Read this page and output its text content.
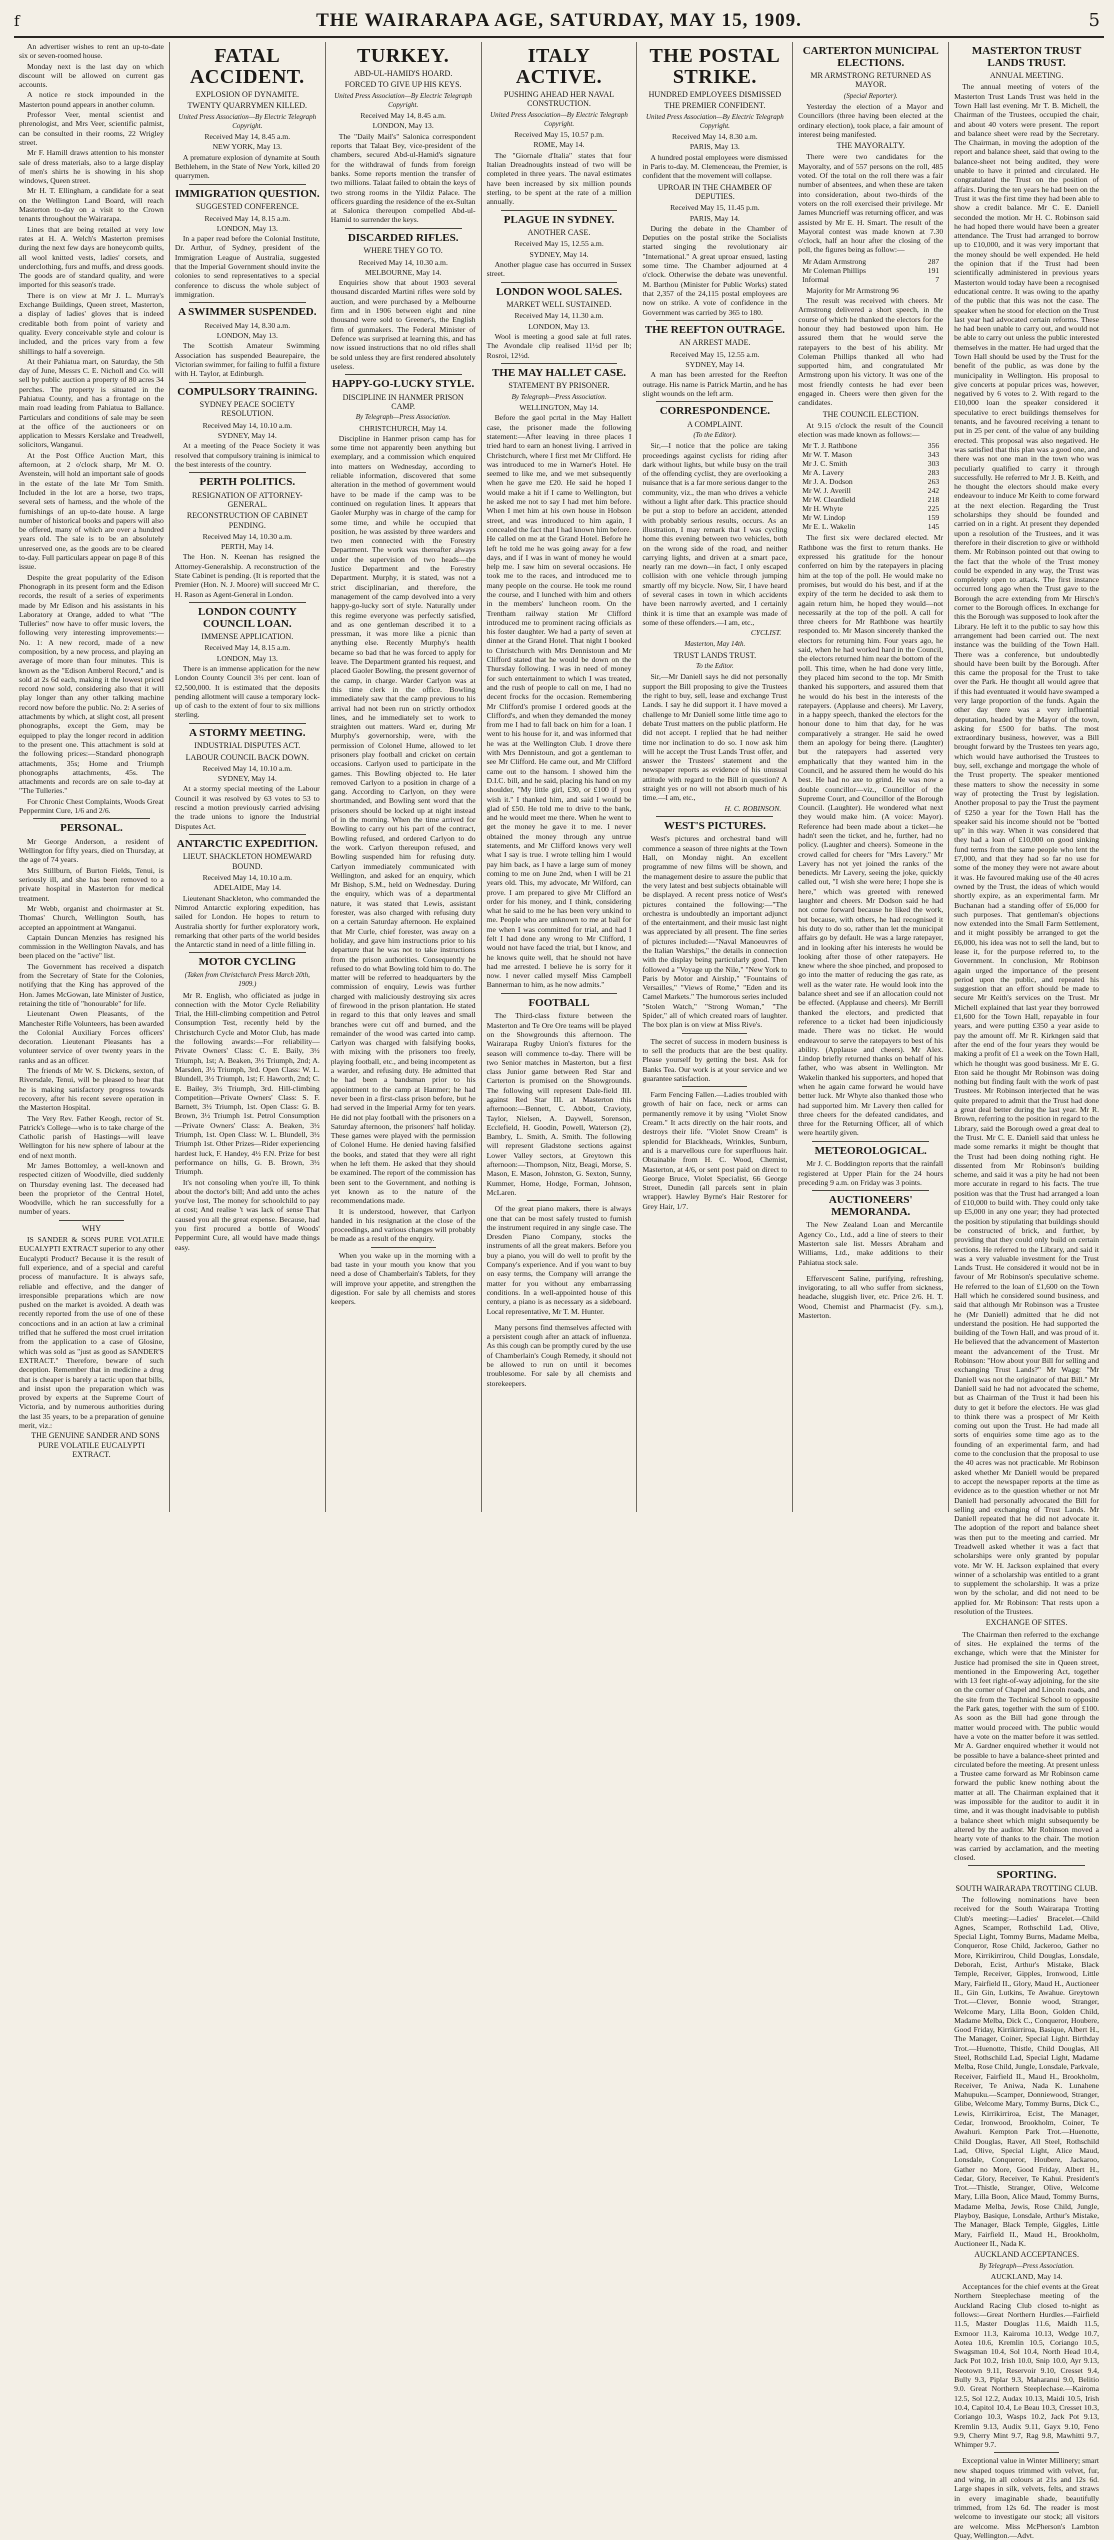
f	THE WAIRARAPA AGE, SATURDAY, MAY 15, 1909.	5

An advertiser wishes to rent an up-to-date six or seven-roomed house.

Monday next is the last day on which discount will be allowed on current gas accounts.

A notice re stock impounded in the Masterton pound appears in another column.

Professor Veer, mental scientist and phrenologist, and Mrs Veer, scientific palmist, can be consulted in their rooms, 22 Wrigley street.

Mr F. Hamill draws attention to his monster sale of dress materials, also to a large display of men's shirts he is showing in his shop windows, Queen street.

Mr H. T. Ellingham, a candidate for a seat on the Wellington Land Board, will reach Masterton to-day on a visit to the Crown tenants throughout the Wairarapa.

Lines that are being retailed at very low rates at H. A. Welch's Masterton premises during the next few days are honeycomb quilts, all wool knitted vests, ladies' corsets, and underclothing, furs and muffs, and dress goods. The goods are of standard quality, and were imported for this season's trade.

There is on view at Mr J. L. Murray's Exchange Buildings, Queen street, Masterton, a display of ladies' gloves that is indeed creditable both from point of variety and quality. Every conceivable style and colour is included, and the prices vary from a few shillings to half a sovereign.

At their Pahiatua mart, on Saturday, the 5th day of June, Messrs C. E. Nicholl and Co. will sell by public auction a property of 80 acres 34 perches. The property is situated in the Pahiatua County, and has a frontage on the main road leading from Pahiatua to Ballance. Particulars and conditions of sale may be seen at the office of the auctioneers or on application to Messrs Kerslake and Treadwell, solicitors, Wanganui.

At the Post Office Auction Mart, this afternoon, at 2 o'clock sharp, Mr M. O. Avenstein, will hold an important sale of goods in the estate of the late Mr Tom Smith. Included in the lot are a horse, two traps, several sets of harness, and the whole of the furnishings of an up-to-date house. A large number of historical books and papers will also be offered, many of which are over a hundred years old. The sale is to be an absolutely unreserved one, as the goods are to be cleared to-day. Full particulars appear on page 8 of this issue.

Despite the great popularity of the Edison Phonograph in its present form and the Edison records, the result of a series of experiments made by Mr Edison and his assistants in his Laboratory at Orange, added to what "The Tulleries" now have to offer music lovers, the following very interesting improvements:—No. 1: A new record, made of a new composition, by a new process, and playing an average of more than four minutes. This is known as the "Edison Amberol Record," and is sold at 2s 6d each, making it the lowest priced record now sold, considering also that it will play longer than any other talking machine record now before the public. No. 2: A series of attachments by which, at slight cost, all present phonographs, except the Gem, may be equipped to play the longer record in addition to the present one. This attachment is sold at the following prices:—Standard phonograph attachments, 35s; Home and Triumph phonographs attachments, 45s. The attachments and records are on sale to-day at "The Tulleries."

For Chronic Chest Complaints, Woods Great Peppermint Cure, 1/6 and 2/6.

PERSONAL.

Mr George Anderson, a resident of Wellington for fifty years, died on Thursday, at the age of 74 years.

Mrs Stillburn, of Burton Fields, Tenui, is seriously ill, and she has been removed to a private hospital in Masterton for medical treatment.

Mr Webb, organist and choirmaster at St. Thomas' Church, Wellington South, has accepted an appointment at Wanganui.

Captain Duncan Menzies has resigned his commission in the Wellington Navals, and has been placed on the "active" list.

The Government has received a dispatch from the Secretary of State for the Colonies, notifying that the King has approved of the Hon. James McGowan, late Minister of Justice, retaining the title of "honourable" for life.

Lieutenant Owen Pleasants, of the Manchester Rifle Volunteers, has been awarded the Colonial Auxiliary Forces officers' decoration. Lieutenant Pleasants has a volunteer service of over twenty years in the ranks and as an officer.

The friends of Mr W. S. Dickens, sexton, of Riversdale, Tenui, will be pleased to hear that he is making satisfactory progress towards recovery, after his recent severe operation in the Masterton Hospital.

The Very Rev. Father Keogh, rector of St. Patrick's College—who is to take charge of the Catholic parish of Hastings—will leave Wellington for his new sphere of labour at the end of next month.

Mr James Bottomley, a well-known and respected citizen of Woodville, died suddenly on Thursday evening last. The deceased had been the proprietor of the Central Hotel, Woodville, which he ran successfully for a number of years.

WHY

IS SANDER & SONS PURE VOLATILE EUCALYPTI EXTRACT superior to any other Eucalypti Product? Because it is the result of full experience, and of a special and careful process of manufacture. It is always safe, reliable and effective, and the danger of irresponsible preparations which are now pushed on the market is avoided. A death was recently reported from the use of one of these concoctions and in an action at law a criminal trifled that he suffered the most cruel irritation from the application to a case of Glosine, which was sold as "just as good as SANDER'S EXTRACT." Therefore, beware of such deception. Remember that in medicine a drug that is cheaper is barely a tactic upon that bills, and insist upon the preparation which was proved by experts at the Supreme Court of Victoria, and by numerous authorities during the last 35 years, to be a preparation of genuine merit, viz.:

THE GENUINE SANDER AND SONS PURE VOLATILE EUCALYPTI EXTRACT.

FATAL ACCIDENT.
EXPLOSION OF DYNAMITE.
TWENTY QUARRYMEN KILLED.
United Press Association—By Electric Telegraph Copyright.
Received May 14, 8.45 a.m.
NEW YORK, May 13.

A premature explosion of dynamite at South Bethlehem, in the State of New York, killed 20 quarrymen.

IMMIGRATION QUESTION.
SUGGESTED CONFERENCE.
Received May 14, 8.15 a.m.
LONDON, May 13.

In a paper read before the Colonial Institute, Dr. Arthur, of Sydney, president of the Immigration League of Australia, suggested that the Imperial Government should invite the colonies to send representatives to a special conference to discuss the whole subject of immigration.

A SWIMMER SUSPENDED.
Received May 14, 8.30 a.m.
LONDON, May 13.

The Scottish Amateur Swimming Association has suspended Beaurepaire, the Victorian swimmer, for failing to fulfil a fixture with H. Taylor, at Edinburgh.

COMPULSORY TRAINING.
SYDNEY PEACE SOCIETY RESOLUTION.
Received May 14, 10.10 a.m.
SYDNEY, May 14.

At a meeting of the Peace Society it was resolved that compulsory training is inimical to the best interests of the country.

PERTH POLITICS.
RESIGNATION OF ATTORNEY-GENERAL.
RECONSTRUCTION OF CABINET PENDING.
Received May 14, 10.30 a.m.
PERTH, May 14.

The Hon. N. Keenan has resigned the Attorney-Generalship. A reconstruction of the State Cabinet is pending. (It is reported that the Premier (Hon. N. J. Moore) will succeed Mr C. H. Rason as Agent-General in London.

LONDON COUNTY COUNCIL LOAN.
IMMENSE APPLICATION.
Received May 14, 8.15 a.m.
LONDON, May 13.

There is an immense application for the new London County Council 3½ per cent. loan of £2,500,000. It is estimated that the deposits pending allotment will cause a temporary lock-up of cash to the extent of four to six millions sterling.

A STORMY MEETING.
INDUSTRIAL DISPUTES ACT.
LABOUR COUNCIL BACK DOWN.
Received May 14, 10.10 a.m.
SYDNEY, May 14.

At a stormy special meeting of the Labour Council it was resolved by 63 votes to 53 to rescind a motion previously carried advising the trade unions to ignore the Industrial Disputes Act.

ANTARCTIC EXPEDITION.
LIEUT. SHACKLETON HOMEWARD BOUND.
Received May 14, 10.10 a.m.
ADELAIDE, May 14.

Lieutenant Shackleton, who commanded the Nimrod Antarctic exploring expedition, has sailed for London. He hopes to return to Australia shortly for further exploratory work, remarking that other parts of the world besides the Antarctic stand in need of a little filling in.

MOTOR CYCLING
(Taken from Christchurch Press March 20th, 1909.)

Mr R. English, who officiated as judge in connection with the Motor Cycle Reliability Trial, the Hill-climbing competition and Petrol Consumption Test, recently held by the Christchurch Cycle and Motor Club, has made the following awards:—For reliability—Private Owners' Class: C. E. Baily, 3½ Triumph, 1st; A. Beaken, 3½ Triumph, 2nd; A. Marsden, 3½ Triumph, 3rd. Open Class: W. L. Blundell, 3½ Triumph, 1st; F. Haworth, 2nd; C. E. Bailey, 3½ Triumph, 3rd. Hill-climbing Competition—Private Owners' Class: S. F. Barnett, 3½ Triumph, 1st. Open Class: G. B. Brown, 3½ Triumph 1st. Petrol Consumption—Private Owners' Class: A. Beaken, 3½ Triumph, 1st. Open Class: W. L. Blundell, 3½ Triumph 1st. Other Prizes—Rider experiencing hardest luck, F. Handey, 4½ F.N. Prize for best performance on hills, G. B. Brown, 3½ Triumph.

It's not consoling when you're ill, To think about the doctor's bill; And add unto the aches you've lost, The money for schoolchild to pay at cost; And realise 't was lack of sense That caused you all the great expense. Because, had you first procured a bottle of Woods' Peppermint Cure, all would have made things easy.

TURKEY.
ABD-UL-HAMID'S HOARD.
FORCED TO GIVE UP HIS KEYS.
United Press Association—By Electric Telegraph Copyright.
Received May 14, 8.45 a.m.
LONDON, May 13.

The "Daily Mail's" Salonica correspondent reports that Talaat Bey, vice-president of the chambers, secured Abd-ul-Hamid's signature for the withdrawal of funds from foreign banks. Some reports mention the transfer of two millions. Talaat failed to obtain the keys of two strong rooms in the Yildiz Palace. The officers guarding the residence of the ex-Sultan at Salonica thereupon compelled Abd-ul-Hamid to surrender the keys.

DISCARDED RIFLES.
WHERE THEY GO TO.
Received May 14, 10.30 a.m.
MELBOURNE, May 14.

Enquiries show that about 1903 several thousand discarded Martini rifles were sold by auction, and were purchased by a Melbourne firm and in 1906 between eight and nine thousand were sold to Greener's, the English firm of gunmakers. The Federal Minister of Defence was surprised at learning this, and has now issued instructions that no old rifles shall be sold unless they are first rendered absolutely useless.

HAPPY-GO-LUCKY STYLE.
DISCIPLINE IN HANMER PRISON CAMP.
By Telegraph—Press Association.
CHRISTCHURCH, May 14.

Discipline in Hanmer prison camp has for some time not apparently been anything but exemplary, and a commission which enquired into matters on Wednesday, according to reliable information, discovered that some alteration in the method of government would have to be made if the camp was to be continued on regulation lines. It appears that Gaoler Murphy was in charge of the camp for some time, and while he occupied that position, he was assisted by three warders and two men connected with the Forestry Department. The work was thereafter always under the supervision of two heads—the Justice Department and the Forestry Department. Murphy, it is stated, was not a strict disciplinarian, and therefore, the management of the camp devolved into a very happy-go-lucky sort of style. Naturally under this regime everyone was perfectly satisfied, and as one gentleman described it to a pressman, it was more like a picnic than anything else. Recently Murphy's health became so bad that he was forced to apply for leave. The Department granted his request, and placed Gaoler Bowling, the present governor of the camp, in charge. Warder Carlyon was at this time clerk in the office. Bowling immediately saw that the camp previous to his arrival had not been run on strictly orthodox lines, and he immediately set to work to straighten out matters. Ward er, during Mr Murphy's governorship, were, with the permission of Colonel Hume, allowed to let prisoners play football and cricket on certain occasions. Carlyon used to participate in the games. This Bowling objected to. He later removed Carlyon to a position in charge of a gang. According to Carlyon, on they were shortmanded, and Bowling sent word that the prisoners should be locked up at night instead of in the morning. When the time arrived for Bowling to carry out his part of the contract, Bowling refused, and ordered Carlyon to do the work. Carlyon thereupon refused, and Bowling suspended him for refusing duty. Carlyon immediately communicated with Wellington, and asked for an enquiry, which Mr Bishop, S.M., held on Wednesday. During the enquiry, which was of a departmental nature, it was stated that Lewis, assistant forester, was also charged with refusing duty on a certain Saturday afternoon. He explained that Mr Curle, chief forester, was away on a holiday, and gave him instructions prior to his departure that he was not to take instructions from the prison authorities. Consequently he refused to do what Bowling told him to do. The matter will be referred to headquarters by the commission of enquiry, Lewis was further charged with maliciously destroying six acres of firewood in the prison plantation. He stated in regard to this that only leaves and small branches were cut off and burned, and the remainder of the wood was carted into camp. Carlyon was charged with falsifying books, with mixing with the prisoners too freely, playing football, etc., and being incompetent as a warder, and refusing duty. He admitted that he had been a bandsman prior to his appointment to the camp at Hanmer; he had never been in a first-class prison before, but he had served in the Imperial Army for ten years. He did not play football with the prisoners on a Saturday afternoon, the prisoners' half holiday. These games were played with the permission of Colonel Hume. He denied having falsified the books, and stated that they were all right when he left them. He asked that they should be examined. The report of the commission has been sent to the Government, and nothing is yet known as to the nature of the recommendations made.

It is understood, however, that Carlyon handed in his resignation at the close of the proceedings, and various changes will probably be made as a result of the enquiry.

When you wake up in the morning with a bad taste in your mouth you know that you need a dose of Chamberlain's Tablets, for they will improve your appetite, and strengthen the digestion. For sale by all chemists and stores keepers.

ITALY ACTIVE.
PUSHING AHEAD HER NAVAL CONSTRUCTION.
United Press Association—By Electric Telegraph Copyright.
Received May 15, 10.57 p.m.
ROME, May 14.

The "Giornale d'Italia" states that four Italian Dreadnoughts instead of two will be completed in three years. The naval estimates have been increased by six million pounds sterling, to be spent at the rate of a million annually.

PLAGUE IN SYDNEY.
ANOTHER CASE.
Received May 15, 12.55 a.m.
SYDNEY, May 14.

Another plague case has occurred in Sussex street.

LONDON WOOL SALES.
MARKET WELL SUSTAINED.
Received May 14, 11.30 a.m.
LONDON, May 13.

Wool is meeting a good sale at full rates. The Avondale clip realised 11½d per lb; Rosroi, 12½d.

THE MAY HALLET CASE.
STATEMENT BY PRISONER.
By Telegraph—Press Association.
WELLINGTON, May 14.

Before the gaol pcrtal in the May Hallett case, the prisoner made the following statement:—After leaving in three places I tried hard to earn an honest living. I arrived in Christchurch, where I first met Mr Clifford. He was introduced to me in Warner's Hotel. He seemed to like me, and we met subsequently when he gave me £20. He said he hoped I would make a hit if I came to Wellington, but he asked me not to say I had met him before. When I met him at his own house in Hobson street, and was introduced to him again, I concealed the fact that I had known him before. He called on me at the Grand Hotel. Before he left he told me he was going away for a few days, and if I was in want of money he would help me. I saw him on several occasions. He took me to the races, and introduced me to many people on the course. He took me round the course, and I lunched with him and others in the members' luncheon room. On the Trentham railway station Mr Clifford introduced me to prominent racing officials as his foster daughter. We had a party of seven at dinner at the Grand Hotel. That night I booked to Christchurch with Mrs Dennistoun and Mr Clifford stated that he would be down on the Thursday following. I was in need of money for such entertainment to which I was treated, and the rush of people to call on me, I had no decent frocks for the occasion. Remembering Mr Clifford's promise I ordered goods at the Clifford's, and when they demanded the money from me I had to fall back on him for a loan. I went to his house for it, and was informed that he was at the Wellington Club. I drove there with Mrs Dennistoun, and got a gentleman to see Mr Clifford. He came out, and Mr Clifford came out to the hansom. I showed him the D.I.C. bill, and he said, placing his hand on my shoulder, "My little girl, £30, or £100 if you wish it." I thanked him, and said I would be glad of £50. He told me to drive to the bank, and he would meet me there. When he went to get the money he gave it to me. I never obtained the money through any untrue statements, and Mr Clifford knows very well what I say is true. I wrote telling him I would pay him back, as I have a large sum of money coming to me on June 2nd, when I will be 21 years old. This, my advocate, Mr Wilford, can prove. I am prepared to give Mr Clifford an order for his money, and I think, considering what he said to me he has been very unkind to me. People who are unknown to me at bail for me when I was committed for trial, and had I felt I had done any wrong to Mr Clifford, I would not have faced the trial, but I know, and he knows quite well, that he should not have had me arrested. I believe he is sorry for it now. I never called myself Miss Campbell Bannerman to him, as he now admits."

FOOTBALL

The Third-class fixture between the Masterton and Te Ore Ore teams will be played on the Showgrounds this afternoon. The Wairarapa Rugby Union's fixtures for the season will commence to-day. There will be two Senior matches in Masterton, but a first class Junior game between Red Star and Carterton is promised on the Showgrounds. The following will represent Dale-field III. against Red Star III. at Masterton this afternoon:—Bennett, C. Abbott, Cravioty, Taylor, Nielsen, A. Daywell, Sorenson, Ecclefield, H. Goodin, Powell, Waterson (2), Bambry, L. Smith, A. Smith. The following will represent Gladstone sections against Lower Valley sectors, at Greytown this afternoon:—Thompson, Nitz, Beagi, Morse, S. Mason, E. Mason, Johnston, G. Sexton, Sunny, Kummer, Home, Hodge, Forman, Johnson, McLaren.

Of the great piano makers, there is always one that can be most safely trusted to furnish the instrument required in any single case. The Dresden Piano Company, stocks the instruments of all the great makers. Before you buy a piano, you will do well to profit by the Company's experience. And if you want to buy on easy terms, the Company will arrange the matter for you without any embarrassing conditions. In a well-appointed house of this century, a piano is as necessary as a sideboard. Local representative, Mr T. M. Hunter.

Many persons find themselves affected with a persistent cough after an attack of influenza. As this cough can be promptly cured by the use of Chamberlain's Cough Remedy, it should not be allowed to run on until it becomes troublesome. For sale by all chemists and storekeepers.

THE POSTAL STRIKE.
HUNDRED EMPLOYEES DISMISSED
THE PREMIER CONFIDENT.
United Press Association—By Electric Telegraph Copyright.
Received May 14, 8.30 a.m.
PARIS, May 13.

A hundred postal employees were dismissed in Paris to-day. M. Clemenceau, the Premier, is confident that the movement will collapse.

UPROAR IN THE CHAMBER OF DEPUTIES.
Received May 15, 11.45 p.m.
PARIS, May 14.

During the debate in the Chamber of Deputies on the postal strike the Socialists started singing the revolutionary air "International." A great uproar ensued, lasting some time. The Chamber adjourned at 4 o'clock. Otherwise the debate was uneventful. M. Barthou (Minister for Public Works) stated that 2,357 of the 24,115 postal employees are now on strike. A vote of confidence in the Government was carried by 365 to 180.

THE REEFTON OUTRAGE.
AN ARREST MADE.
Received May 15, 12.55 a.m.
SYDNEY, May 14.

A man has been arrested for the Reefton outrage. His name is Patrick Martin, and he has slight wounds on the left arm.

CORRESPONDENCE.
A COMPLAINT.
(To the Editor).

Sir,—I notice that the police are taking proceedings against cyclists for riding after dark without lights, but while busy on the trail of the offending cyclist, they are overlooking a nuisance that is a far more serious danger to the community, viz., the man who drives a vehicle without a light after dark. This practice should be put a stop to before an accident, attended with probably serious results, occurs. As an illustration, I may remark that I was cycling home this evening between two vehicles, both on the wrong side of the road, and neither carrying lights, and driven at a smart pace, nearly ran me down—in fact, I only escaped collision with one vehicle through jumping smartly off my bicycle. Now, Sir, I have heard of several cases in town in which accidents have been narrowly averted, and I certainly think it is time that an example was made of some of these offenders.—I am, etc.,

CYCLIST.
Masterton, May 14th.
TRUST LANDS TRUST.
To the Editor.

Sir,—Mr Daniell says he did not personally support the Bill proposing to give the Trustees the right to buy, sell, lease and exchange Trust Lands. I say he did support it. I have moved a challenge to Mr Daniell some little time ago to debate Trust matters on the public platform. He did not accept. I replied that he had neither time nor inclination to do so. I now ask him will he accept the Trust Lands Trust offer, and answer the Trustees' statement and the newspaper reports as evidence of his unusual attitude with regard to the Bill in question? A straight yes or no will not absorb much of his time.—I am, etc.,

H. C. ROBINSON.
WEST'S PICTURES.

West's pictures and orchestral band will commence a season of three nights at the Town Hall, on Monday night. An excellent programme of new films will be shown, and the management desire to assure the public that the very latest and best subjects obtainable will be displayed. A recent press notice of West's pictures contained the following:—"The orchestra is undoubtedly an important adjunct of the entertainment, and their music last night was appreciated by all present. The fine series of pictures included:—"Naval Manoeuvres of the Italian Warships," the details in connection with the display being particularly good. Then followed a "Voyage up the Nile," "New York to Paris by Motor and Airship," "Fountains of Versailles," "Views of Rome," "Eden and its Camel Markets." The humorous series included "Stolen Watch," "Strong Woman," "The Spider," all of which created roars of laughter. The box plan is on view at Miss Rive's.

The secret of success in modern business is to sell the products that are the best quality. Please yourself by getting the best. Ask for Banks Tea. Our work is at your service and we guarantee satisfaction.

Farm Fencing Fallen.—Ladies troubled with growth of hair on face, neck or arms can permanently remove it by using "Violet Snow Cream." It acts directly on the hair roots, and destroys their life. "Violet Snow Cream" is splendid for Blackheads, Wrinkles, Sunburn, and is a marvellous cure for superfluous hair. Obtainable from H. C. Wood, Chemist, Masterton, at 4/6, or sent post paid on direct to George Bruce, Violet Specialist, 66 George Street, Dunedin (all parcels sent in plain wrapper). Hawley Byrne's Hair Restorer for Grey Hair, 1/7.

CARTERTON MUNICIPAL ELECTIONS.
MR ARMSTRONG RETURNED AS MAYOR.
(Special Reporter).

Yesterday the election of a Mayor and Councillors (three having been elected at the ordinary election), took place, a fair amount of interest being manifested.

THE MAYORALTY.

There were two candidates for the Mayoralty, and of 557 persons on the roll, 485 voted. Of the total on the roll there was a fair number of absentees, and when these are taken into consideration, about two-thirds of the voters on the roll exercised their privilege. Mr James Muncrieff was returning officer, and was assisted by Mr E. H. Smart. The result of the Mayoral contest was made known at 7.30 o'clock, half an hour after the closing of the poll, the figures being as follow:—

Mr Adam Armstrong	287
Mr Coleman Phillips	191
Informal	7

Majority for Mr Armstrong 96

The result was received with cheers. Mr Armstrong delivered a short speech, in the course of which he thanked the electors for the honour they had bestowed upon him. He assured them that he would serve the ratepayers to the best of his ability. Mr Coleman Phillips thanked all who had supported him, and congratulated Mr Armstrong upon his victory. It was one of the most friendly contests he had ever been engaged in. Cheers were then given for the candidates.

THE COUNCIL ELECTION.

At 9.15 o'clock the result of the Council election was made known as follows:—

Mr T. J. Rathbone	356
Mr W. T. Mason	343
Mr J. C. Smith	303
Mr A. Lavery	283
Mr J. A. Dodson	263
Mr W. J. Averill	242
Mr W. Cleardield	218
Mr H. Whyte	225
Mr W. Lindop	159
Mr E. L. Wakelin	145

The first six were declared elected. Mr Rathbone was the first to return thanks. He expressed his gratitude for the honour conferred on him by the ratepayers in placing him at the top of the poll. He would make no promises, but would do his best, and if at the expiry of the term he decided to ask them to again return him, he hoped they would—not necessarily at the top of the poll. A call for three cheers for Mr Rathbone was heartily responded to. Mr Mason sincerely thanked the electors for returning him. Four years ago, he said, when he had worked hard in the Council, the electors returned him near the bottom of the poll. This time, when he had done very little, they placed him second to the top. Mr Smith thanked his supporters, and assured them that he would do his best in the interests of the ratepayers. (Applause and cheers). Mr Lavery, in a happy speech, thanked the electors for the honour done to him that day, for he was comparatively a stranger. He said he owed them an apology for being there. (Laughter) but the ratepayers had asserted very emphatically that they wanted him in the Council, and he assured them he would do his best. He had no axe to grind. He was now a double councillor—viz., Councillor of the Supreme Court, and Councillor of the Borough Council. (Laughter). He wondered what next they would make him. (A voice: Mayor). Reference had been made about a ticket—he hadn't seen the ticket, and he, further, had no policy. (Laughter and cheers). Someone in the crowd called for cheers for "Mrs Lavery." Mr Lavery has not yet joined the ranks of the benedicts. Mr Lavery, seeing the joke, quickly called out, "I wish she were here; I hope she is here," which was greeted with renewed laughter and cheers. Mr Dodson said he had not come forward because he liked the work, but because, with others, he had recognised it his duty to do so, rather than let the municipal affairs go by default. He was a large ratepayer, and in looking after his interests he would be looking after those of other ratepayers. He knew where the shoe pinched, and proposed to go into the matter of reducing the gas rate, as well as the water rate. He would look into the balance sheet and see if an allocation could not be effected. (Applause and cheers). Mr Berrill thanked the electors, and predicted that reference to a ticket had been injudiciously made. There was no ticket. He would endeavour to serve the ratepayers to best of his ability. (Applause and cheers). Mr Alex. Lindop briefly returned thanks on behalf of his father, who was absent in Wellington. Mr Wakelin thanked his supporters, and hoped that when he again came forward he would have better luck. Mr Whyte also thanked those who had supported him. Mr Lavery then called for three cheers for the defeated candidates, and three for the Returning Officer, all of which were heartily given.

METEOROLOGICAL.

Mr J. C. Boddington reports that the rainfall registered at Upper Plain for the 24 hours preceding 9 a.m. on Friday was 3 points.

AUCTIONEERS' MEMORANDA.

The New Zealand Loan and Mercantile Agency Co., Ltd., add a line of steers to their Masterton sale list. Messrs Abraham and Williams, Ltd., make additions to their Pahiatua stock sale.

Effervescent Saline, purifying, refreshing, invigorating, to all who suffer from sickness, headache, sluggish liver, etc. Price 2/6. H. T. Wood, Chemist and Pharmacist (Fy. s.m.), Masterton.

MASTERTON TRUST LANDS TRUST.
ANNUAL MEETING.

The annual meeting of voters of the Masterton Trust Lands Trust was held in the Town Hall last evening. Mr T. B. Michell, the Chairman of the Trustees, occupied the chair, and about 40 voters were present. The report and balance sheet were read by the Secretary. The Chairman, in moving the adoption of the report and balance sheet, said that owing to the balance-sheet not being audited, they were unable to have it printed and circulated. He congratulated the Trust on the position of affairs. During the ten years he had been on the Trust it was the first time they had been able to show a credit balance. Mr C. E. Daniell seconded the motion. Mr H. C. Robinson said he had hoped there would have been a greater attendance. The Trust had arranged to borrow up to £10,000, and it was very important that the money should be well expended. He held the opinion that if the Trust had been scientifically administered in previous years Masterton would today have been a recognised educational centre. It was owing to the apathy of the public that this was not the case. The speaker when he stood for election on the Trust last year had advocated certain reforms. These he had been unable to carry out, and would not be able to carry out unless the public interested themselves in the matter. He had urged that the Town Hall should be used by the Trust for the benefit of the public, as was done by the municipality in Wellington. His proposal to give concerts at popular prices was, however, negatived by 6 votes to 2. With regard to the £10,000 loan the speaker considered it speculative to erect buildings themselves for tenants, and he favoured receiving a tenant to put in 25 per cent. of the value of any building erected. This proposal was also negatived. He was satisfied that this plan was a good one, and there was not one man in the town who was peculiarly qualified to carry it through successfully. He referred to Mr J. B. Keith, and he thought the electors should make every endeavour to induce Mr Keith to come forward at the next election. Regarding the Trust scholarships they should be founded and carried on in a right. At present they depended upon a resolution of the Trustees, and it was therefore in their discretion to give or withhold them. Mr Robinson pointed out that owing to the fact that the whole of the Trust money could be expended in any way, the Trust was completely open to attack. The first instance occurred long ago when the Trust gave to the Borough the acre extending from Mr Hirsch's corner to the Borough offices. In exchange for this the Borough was supposed to look after the Library. He left it to the public to say how this arrangement had been carried out. The next instance was the building of the Town Hall. There was a conference, but undoubtedly should have been built by the Borough. After this came the proposal for the Trust to take over the Park. He thought all would agree that if this had eventuated it would have swamped a very large proportion of the funds. Again the other day there was a very influential deputation, headed by the Mayor of the town, asking for £500 for baths. The most extraordinary business, however, was a Bill brought forward by the Trustees ten years ago, which would have authorised the Trustees to buy, sell, exchange and mortgage the whole of the Trust property. The speaker mentioned these matters to show the necessity in some way of protecting the Trust by legislation. Another proposal to pay the Trust the payment of £250 a year for the Town Hall has the speaker said his income should not be "botted up" in this way. When it was considered that they had a loan of £10,000 on good sinking fund terms from the same people who lent the £7,000, and that they had so far no use for some of the money they were not aware about it was. He favoured making use of the 40 acres owned by the Trust, the ideas of which would shortly expire, as an experimental farm. Mr Buchanan had a standing offer of £6,000 for such purposes. That gentleman's objections now extended into the Small Farm Settlement, and it might possibly be arranged to get the £6,000, his idea was not to sell the land, but to lease it, for the purpose referred to, to the Government. In conclusion, Mr Robinson again urged the importance of the present period upon the public, and repeated his suggestion that an effort should be made to secure Mr Keith's services on the Trust. Mr Michell explained that last year they borrowed £1,600 for the Town Hall, repayable in four years, and were putting £350 a year aside to pay the amount off. Mr R. Kirkngen said that after the end of the four years they would be making a profit of £1 a week on the Town Hall, which he thought was good business. Mr E. G. Eton said he thought Mr Robinson was doing nothing but finding fault with the work of past Trustees. Mr Robinson interjected that he was quite prepared to admit that the Trust had done a great deal better during the last year. Mr R. Brown, referring to the position in regard to the Library, said the Borough owed a great deal to the Trust. Mr C. E. Daniell said that unless he made some remarks it might be thought that the Trust had been doing nothing right. He dissented from Mr Robinson's building scheme, and said it was a pity he had not been more accurate in regard to his facts. The true position was that the Trust had arranged a loan of £10,000 to build with. They could only take up £5,000 in any one year; they had protected the position by stipulating that buildings should be constructed of brick, and further, by providing that they could only build on certain sections. He referred to the Library, and said it was a very valuable investment for the Trust Lands Trust. He considered it would not be in favour of Mr Robinson's speculative scheme. He referred to the loan of £1,600 on the Town Hall which he considered sound business, and said that although Mr Robinson was a Trustee he (Mr Daniell) admitted that he did not understand the position. He had supported the building of the Town Hall, and was proud of it. He believed that the advancement of Masterton meant the advancement of the Trust. Mr Robinson: "How about your Bill for selling and exchanging Trust Lands?" Mr Wagg: "Mr Daniell was not the originator of that Bill." Mr Daniell said he had not advocated the scheme, but as Chairman of the Trust it had been his duty to get it before the electors. He was glad to think there was a prospect of Mr Keith coming out upon the Trust. He had made all sorts of enquiries some time ago as to the founding of an experimental farm, and had come to the conclusion that the proposal to use the 40 acres was not practicable. Mr Robinson asked whether Mr Daniell would be prepared to accept the newspaper reports at the time as evidence as to the question whether or not Mr Daniell had personally advocated the Bill for selling and exchanging of Trust Lands. Mr Daniell repeated that he did not advocate it. The adoption of the report and balance sheet was then put to the meeting and carried. Mr Treadwell asked whether it was a fact that scholarships were only granted by popular vote. Mr W. H. Jackson explained that every winner of a scholarship was entitled to a grant to supplement the scholarship. It was a prize won by the scholar, and did not need to be applied for. Mr Robinson: That rests upon a resolution of the Trustees.

EXCHANGE OF SITES.

The Chairman then referred to the exchange of sites. He explained the terms of the exchange, which were that the Minister for Justice had promised the site in Queen street, mentioned in the Empowering Act, together with 13 feet right-of-way adjoining, for the site on the corner of Chapel and Lincoln roads, and the site from the Technical School to opposite the Park gates, together with the sum of £100. As soon as the Bill had gone through the matter would proceed with. The public would have a vote on the matter before it was settled. Mr A. Gardner enquired whether it would not be possible to have a balance-sheet printed and circulated before the meeting. At present unless a Trustee came forward as Mr Robinson came forward the public knew nothing about the matter at all. The Chairman explained that it was impossible for the auditor to audit it in time, and it was thought inadvisable to publish a balance sheet which might subsequently be altered by the auditor. Mr Robinson moved a hearty vote of thanks to the chair. The motion was carried by acclamation, and the meeting closed.

SPORTING.
SOUTH WAIRARAPA TROTTING CLUB.

The following nominations have been received for the South Wairarapa Trotting Club's meeting:—Ladies' Bracelet.—Child Agnes, Scamper, Rothschild Lad, Olive, Special Light, Tommy Burns, Madame Melba, Conqueror, Rose Child, Jackeroo, Gather no More, Kirrikirrirou, Child Douglas, Lonsdale, Deborah, Ecist, Arthur's Mistake, Black Temple, Receiver, Gipples, Ironwood, Little Mary, Fairfield II., Glory, Maud H., Auctioneer II., Gin Gin, Lutkins, Te Awahue. Greytown Trot.—Clever, Bonnie wood, Stranger, Welcome Mary, Lilla Boon, Golden Child, Madame Melba, Dick C., Conqueror, Houbere, Good Friday, Kirrikirriroa, Basique, Albert H., The Manager, Coiner, Special Light. Birthday Trot.—Huenotte, Thistle, Child Douglas, All Steel, Rothschild Lad, Special Light, Madame Melba, Rose Child, Jungle, Lonsdale, Parkvale, Receiver, Fairfield II., Maud H., Brookholm, Receiver, Te Aniwa, Nada K. Lunahene Mahupuku.—Scamper, Donniewood, Stranger, Glibe, Welcome Mary, Tommy Burns, Dick C., Lewis, Kirrikirriroa, Ecist, The Manager, Cedar, Ironwood, Brookholm, Coiner, Te Awahuri. Kempton Park Trot.—Huenotte, Child Douglas, Raver, All Steel, Rothschild Lad, Olive, Special Light, Alice Maud, Lonsdale, Conqueror, Houbere, Jackaroo, Gather no More, Good Friday, Albert H., Cedar, Glory, Receiver, Te Kahui. President's Trot.—Thistle, Stranger, Olive, Welcome Mary, Lilla Boon, Alice Maud, Tommy Burns, Madame Melba, Jewis, Rose Child, Jungle, Playboy, Basique, Lonsdale, Arthur's Mistake, The Manager, Black Temple, Giggles, Little Mary, Fairfield II., Maud H., Brookholm, Auctioneer II., Nada K.

AUCKLAND ACCEPTANCES.
By Telegraph—Press Association.
AUCKLAND, May 14.

Acceptances for the chief events at the Great Northern Steeplechase meeting of the Auckland Racing Club closed to-night as follows:—Great Northern Hurdles.—Fairfield 11.5, Master Douglas 11.6, Maidh 11.5, Exmoor 11.3, Kairoma 10.13, Wedge 10.7, Aotea 10.6, Kremlin 10.5, Coriango 10.5, Swagsman 10.4, Sol 10.4, North Head 10.4, Jack Pot 10.2, Irish 10.0, Snip 10.0, Ayr 9.13, Neotown 9.11, Reservoir 9.10, Cresset 9.4, Bully 9.3, Piplar 9.3, Maharanui 9.0, Belitio 9.0. Great Northern Steeplechase.—Kairoma 12.5, Sol 12.2, Audax 10.13, Maidi 10.5, Irish 10.4, Capitol 10.4, Le Beau 10.3, Cresset 10.3, Coriango 10.3, Wasps 10.2, Jack Pot 9.13, Kremlin 9.13, Audix 9.11, Gayx 9.10, Feno 9.9, Cherry Mint 9.7, Rag 9.8, Mawhitti 9.7, Whimper 9.7.

Exceptional value in Winter Millinery; smart new shaped toques trimmed with velvet, fur, and wing, in all colours at 21s and 12s 6d. Large shapes in silk, velvets, felts, and straws in every imaginable shade, beautifully trimmed, from 12s 6d. The reader is most welcome to investigate our stock; all visitors are welcome. Miss McPherson's Lambton Quay, Wellington.—Advt.
